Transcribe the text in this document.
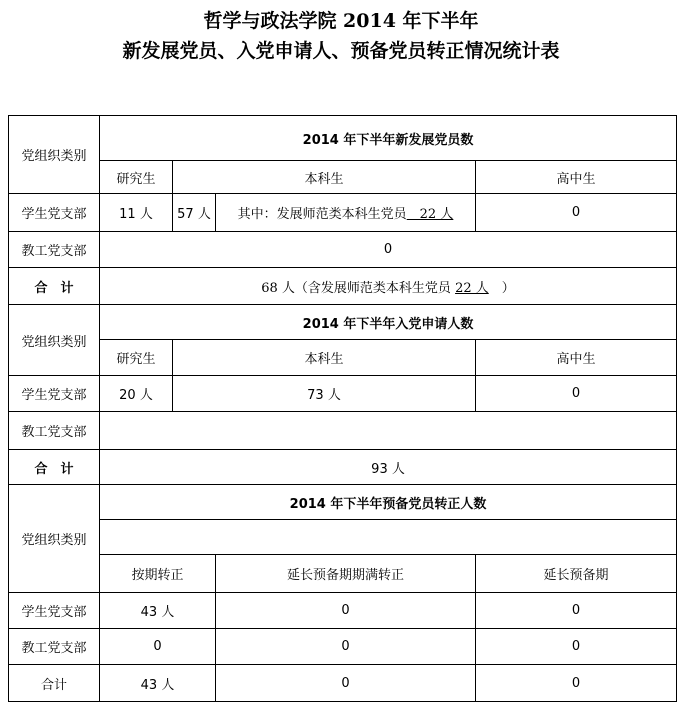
哲学与政法学院 2014 年下半年
新发展党员、入党申请人、预备党员转正情况统计表
党组织类别	2014 年下半年新发展党员数				
	研究生	本科生		高中生	
学生党支部	11 人	57 人	其中：发展师范类本科生党员　22 人	0	
教工党支部	0				
合　计	68 人（含发展师范类本科生党员 22 人　）				
党组织类别	2014 年下半年入党申请人数				
	研究生	本科生		高中生	
学生党支部	20 人	73 人		0	
教工党支部					
合　计	93 人				
党组织类别	2014 年下半年预备党员转正人数				

	按期转正		延长预备期期满转正	延长预备期	
学生党支部	43 人		0	0	
教工党支部	0		0	0	
合计	43 人		0	0	
